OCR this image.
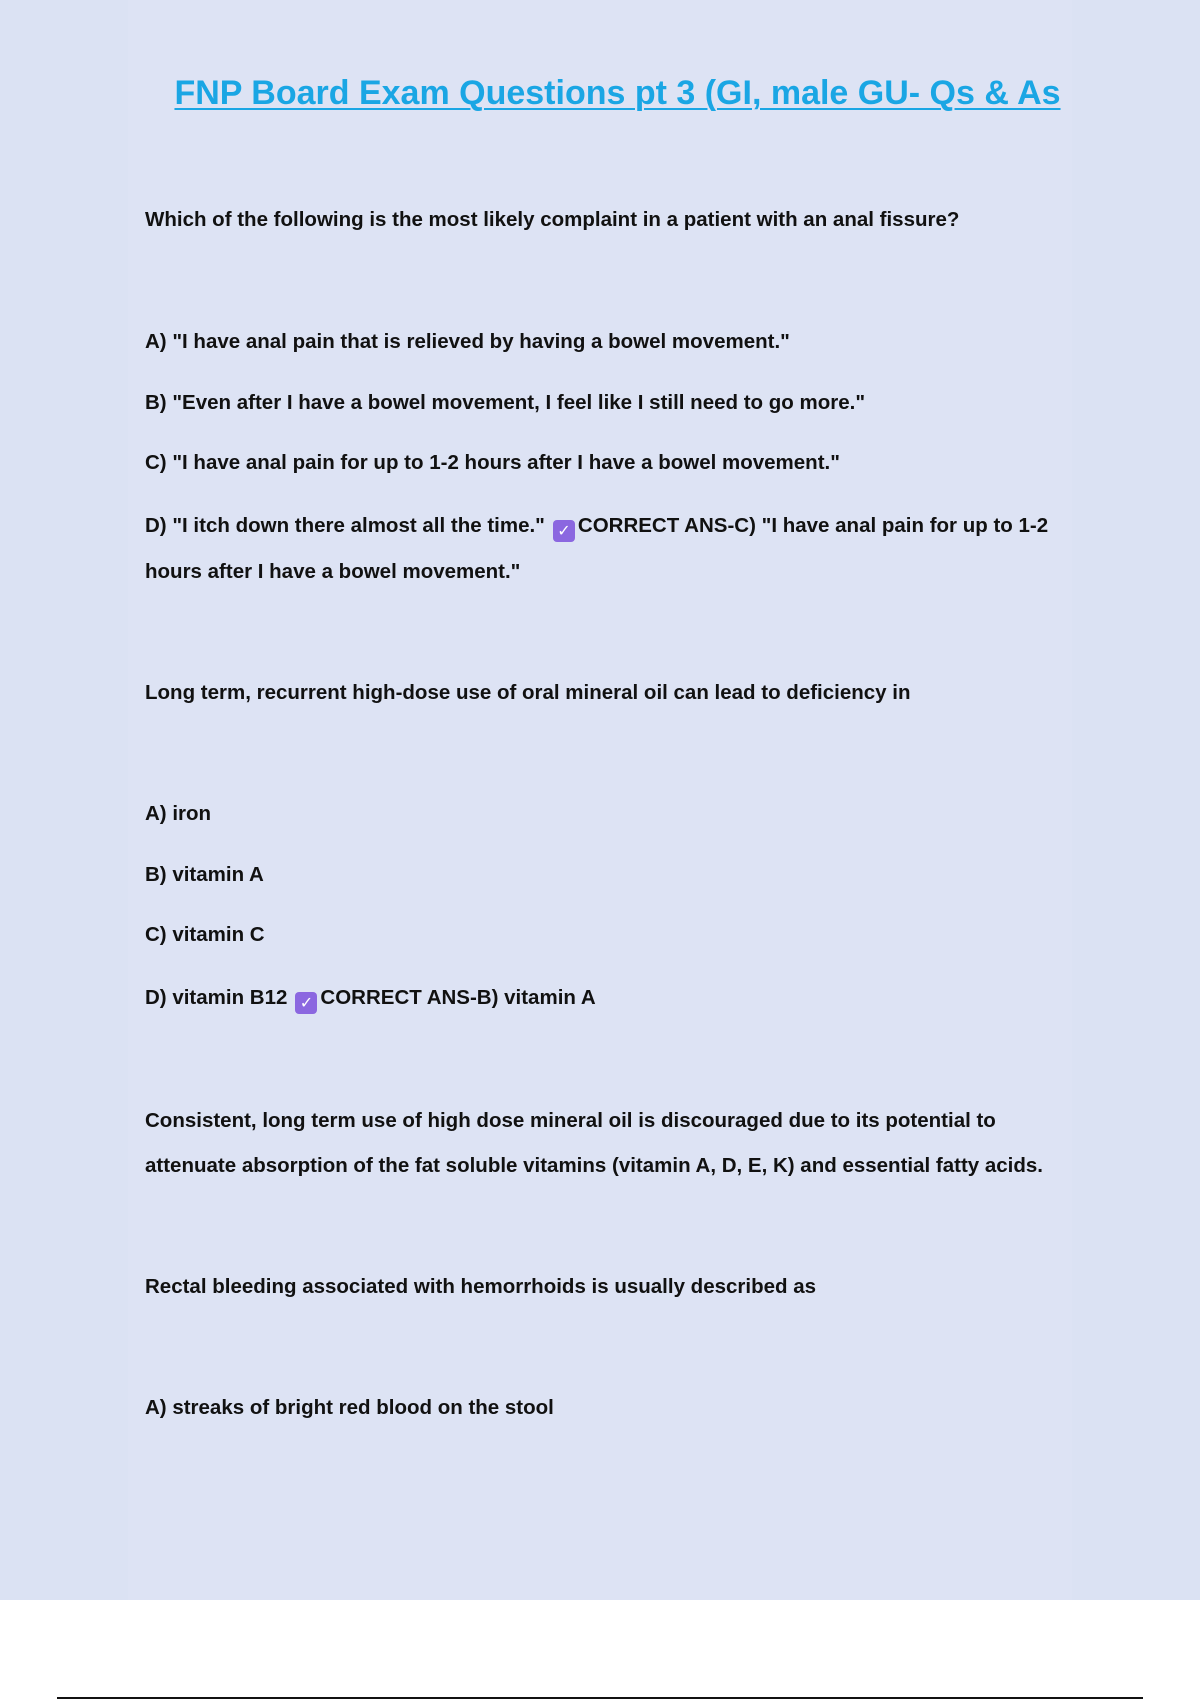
FNP Board Exam Questions pt 3 (GI, male GU- Qs & As
Which of the following is the most likely complaint in a patient with an anal fissure?
A) "I have anal pain that is relieved by having a bowel movement."
B) "Even after I have a bowel movement, I feel like I still need to go more."
C) "I have anal pain for up to 1-2 hours after I have a bowel movement."
D) "I itch down there almost all the time." ✓ CORRECT ANS-C) "I have anal pain for up to 1-2
hours after I have a bowel movement."
Long term, recurrent high-dose use of oral mineral oil can lead to deficiency in
A) iron
B) vitamin A
C) vitamin C
D) vitamin B12 ✓ CORRECT ANS-B) vitamin A
Consistent, long term use of high dose mineral oil is discouraged due to its potential to
attenuate absorption of the fat soluble vitamins (vitamin A, D, E, K) and essential fatty acids.
Rectal bleeding associated with hemorrhoids is usually described as
A) streaks of bright red blood on the stool
